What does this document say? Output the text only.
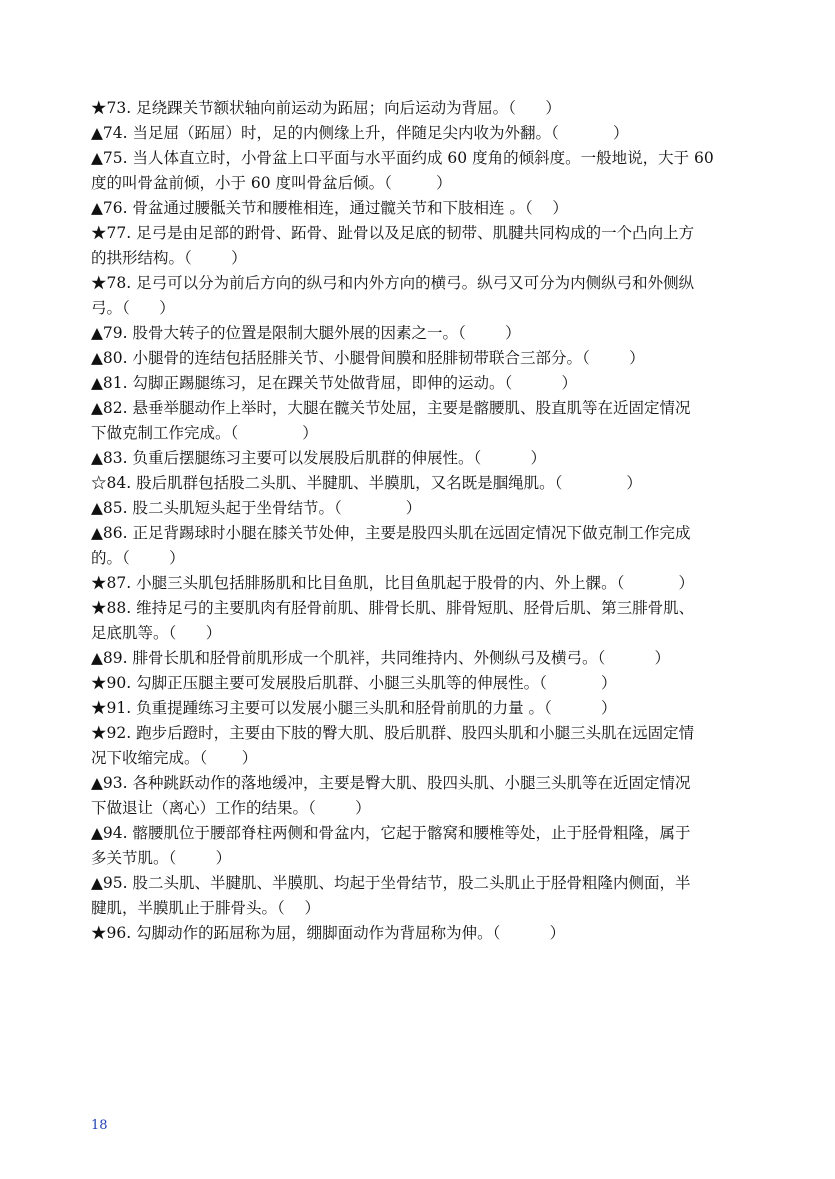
★73. 足绕踝关节额状轴向前运动为跖屈；向后运动为背屈。（      ）
▲74. 当足屈（跖屈）时，足的内侧缘上升，伴随足尖内收为外翻。（           ）
▲75. 当人体直立时，小骨盆上口平面与水平面约成 60 度角的倾斜度。一般地说，大于 60
度的叫骨盆前倾，小于 60 度叫骨盆后倾。（         ）
▲76. 骨盆通过腰骶关节和腰椎相连，通过髋关节和下肢相连 。（    ）
★77. 足弓是由足部的跗骨、跖骨、趾骨以及足底的韧带、肌腱共同构成的一个凸向上方
的拱形结构。（        ）
★78. 足弓可以分为前后方向的纵弓和内外方向的横弓。纵弓又可分为内侧纵弓和外侧纵
弓。（      ）
▲79. 股骨大转子的位置是限制大腿外展的因素之一。（        ）
▲80. 小腿骨的连结包括胫腓关节、小腿骨间膜和胫腓韧带联合三部分。（        ）
▲81. 勾脚正踢腿练习，足在踝关节处做背屈，即伸的运动。（          ）
▲82. 悬垂举腿动作上举时，大腿在髋关节处屈，主要是髂腰肌、股直肌等在近固定情况
下做克制工作完成。（             ）
▲83. 负重后摆腿练习主要可以发展股后肌群的伸展性。（          ）
☆84. 股后肌群包括股二头肌、半腱肌、半膜肌，又名既是腘绳肌。（             ）
▲85. 股二头肌短头起于坐骨结节。（             ）
▲86. 正足背踢球时小腿在膝关节处伸，主要是股四头肌在远固定情况下做克制工作完成
的。（        ）
★87. 小腿三头肌包括腓肠肌和比目鱼肌，比目鱼肌起于股骨的内、外上髁。（           ）
★88. 维持足弓的主要肌肉有胫骨前肌、腓骨长肌、腓骨短肌、胫骨后肌、第三腓骨肌、
足底肌等。（      ）
▲89. 腓骨长肌和胫骨前肌形成一个肌袢，共同维持内、外侧纵弓及横弓。（          ）
★90. 勾脚正压腿主要可发展股后肌群、小腿三头肌等的伸展性。（           ）
★91. 负重提踵练习主要可以发展小腿三头肌和胫骨前肌的力量 。（          ）
★92. 跑步后蹬时，主要由下肢的臀大肌、股后肌群、股四头肌和小腿三头肌在远固定情
况下收缩完成。（       ）
▲93. 各种跳跃动作的落地缓冲，主要是臀大肌、股四头肌、小腿三头肌等在近固定情况
下做退让（离心）工作的结果。（        ）
▲94. 髂腰肌位于腰部脊柱两侧和骨盆内，它起于髂窝和腰椎等处，止于胫骨粗隆，属于
多关节肌。（        ）
▲95. 股二头肌、半腱肌、半膜肌、均起于坐骨结节，股二头肌止于胫骨粗隆内侧面，半
腱肌，半膜肌止于腓骨头。（    ）
★96. 勾脚动作的跖屈称为屈，绷脚面动作为背屈称为伸。（          ）
18
